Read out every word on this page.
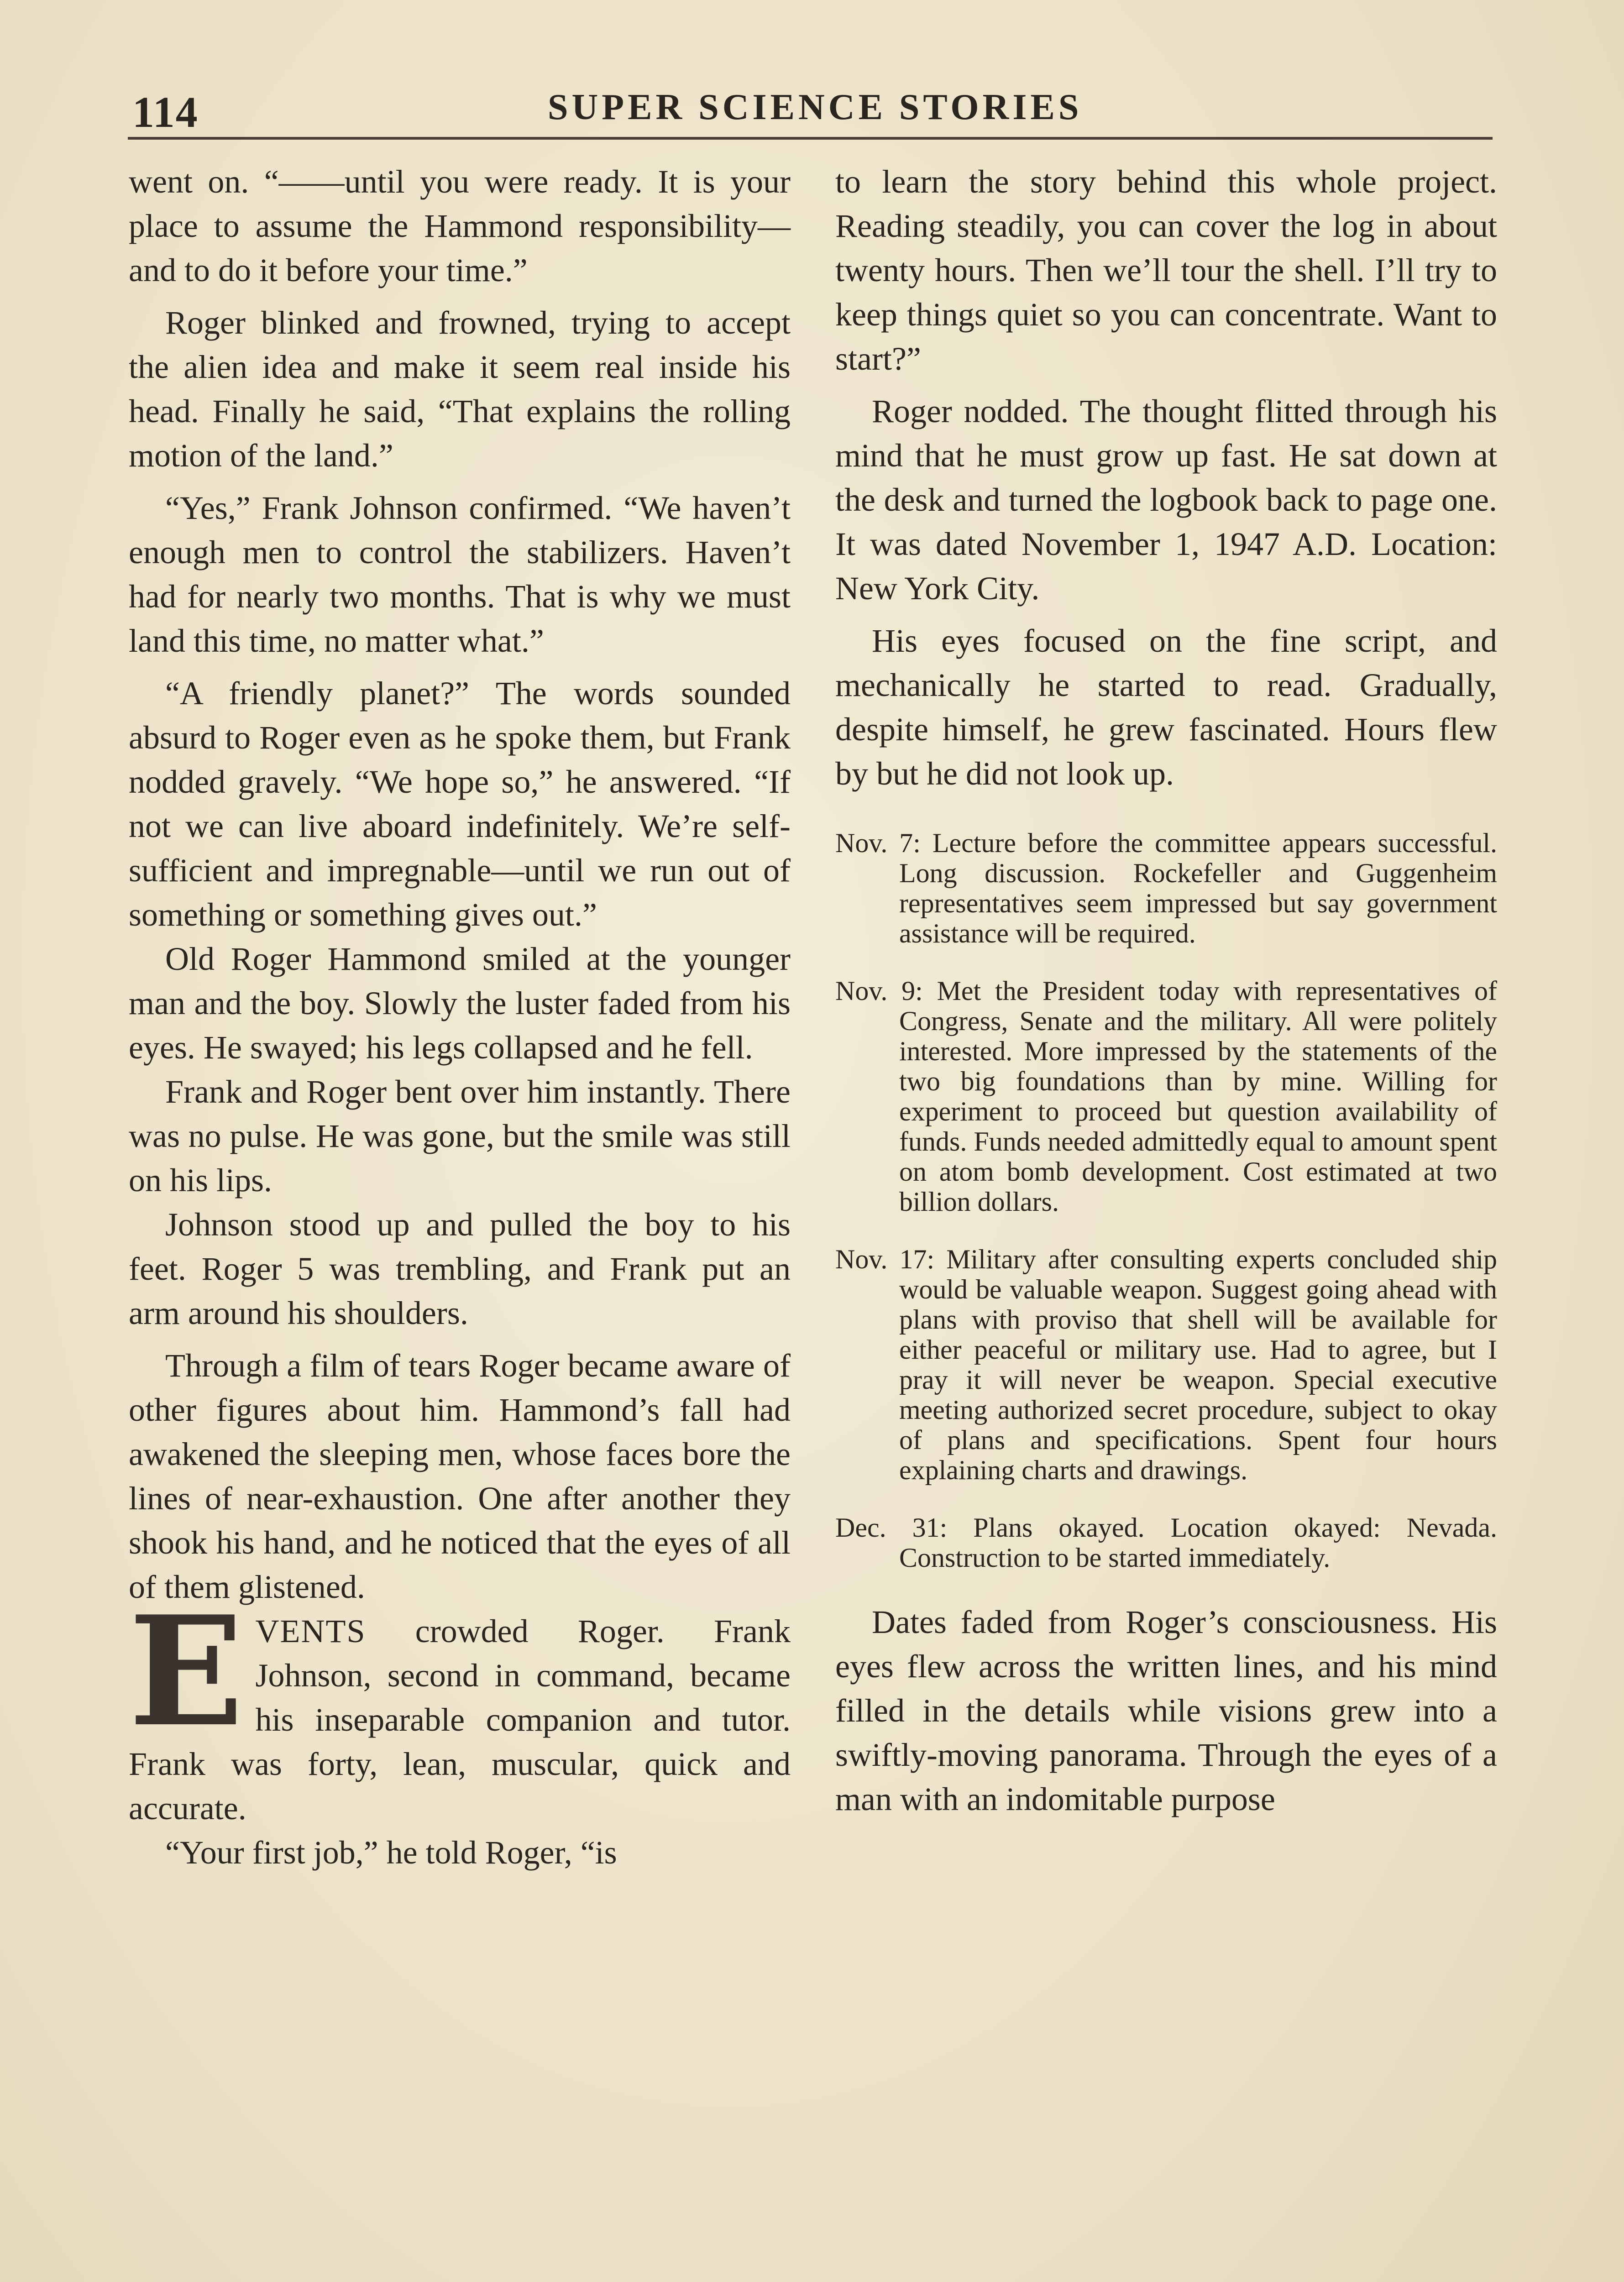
114	SUPER SCIENCE STORIES

went on. “——until you were ready. It is your place to assume the Hammond responsibility—and to do it before your time.”

Roger blinked and frowned, trying to accept the alien idea and make it seem real inside his head. Finally he said, “That explains the rolling motion of the land.”

“Yes,” Frank Johnson confirmed. “We haven’t enough men to control the stabilizers. Haven’t had for nearly two months. That is why we must land this time, no matter what.”

“A friendly planet?” The words sounded absurd to Roger even as he spoke them, but Frank nodded gravely. “We hope so,” he answered. “If not we can live aboard indefinitely. We’re self-sufficient and impregnable—until we run out of something or something gives out.”

Old Roger Hammond smiled at the younger man and the boy. Slowly the luster faded from his eyes. He swayed; his legs collapsed and he fell.

Frank and Roger bent over him instantly. There was no pulse. He was gone, but the smile was still on his lips.

Johnson stood up and pulled the boy to his feet. Roger 5 was trembling, and Frank put an arm around his shoulders.

Through a film of tears Roger became aware of other figures about him. Hammond’s fall had awakened the sleeping men, whose faces bore the lines of near-exhaustion. One after another they shook his hand, and he noticed that the eyes of all of them glistened.

EVENTS crowded Roger. Frank Johnson, second in command, became his inseparable companion and tutor. Frank was forty, lean, muscular, quick and accurate.

“Your first job,” he told Roger, “is

to learn the story behind this whole project. Reading steadily, you can cover the log in about twenty hours. Then we’ll tour the shell. I’ll try to keep things quiet so you can concentrate. Want to start?”

Roger nodded. The thought flitted through his mind that he must grow up fast. He sat down at the desk and turned the logbook back to page one. It was dated November 1, 1947 A.D. Location: New York City.

His eyes focused on the fine script, and mechanically he started to read. Gradually, despite himself, he grew fascinated. Hours flew by but he did not look up.

Nov. 7: Lecture before the committee appears successful. Long discussion. Rockefeller and Guggenheim representatives seem impressed but say government assistance will be required.
Nov. 9: Met the President today with representatives of Congress, Senate and the military. All were politely interested. More impressed by the statements of the two big foundations than by mine. Willing for experiment to proceed but question availability of funds. Funds needed admittedly equal to amount spent on atom bomb development. Cost estimated at two billion dollars.
Nov. 17: Military after consulting experts concluded ship would be valuable weapon. Suggest going ahead with plans with proviso that shell will be available for either peaceful or military use. Had to agree, but I pray it will never be weapon. Special executive meeting authorized secret procedure, subject to okay of plans and specifications. Spent four hours explaining charts and drawings.
Dec. 31: Plans okayed. Location okayed: Nevada. Construction to be started immediately.

Dates faded from Roger’s consciousness. His eyes flew across the written lines, and his mind filled in the details while visions grew into a swiftly-moving panorama. Through the eyes of a man with an indomitable purpose
